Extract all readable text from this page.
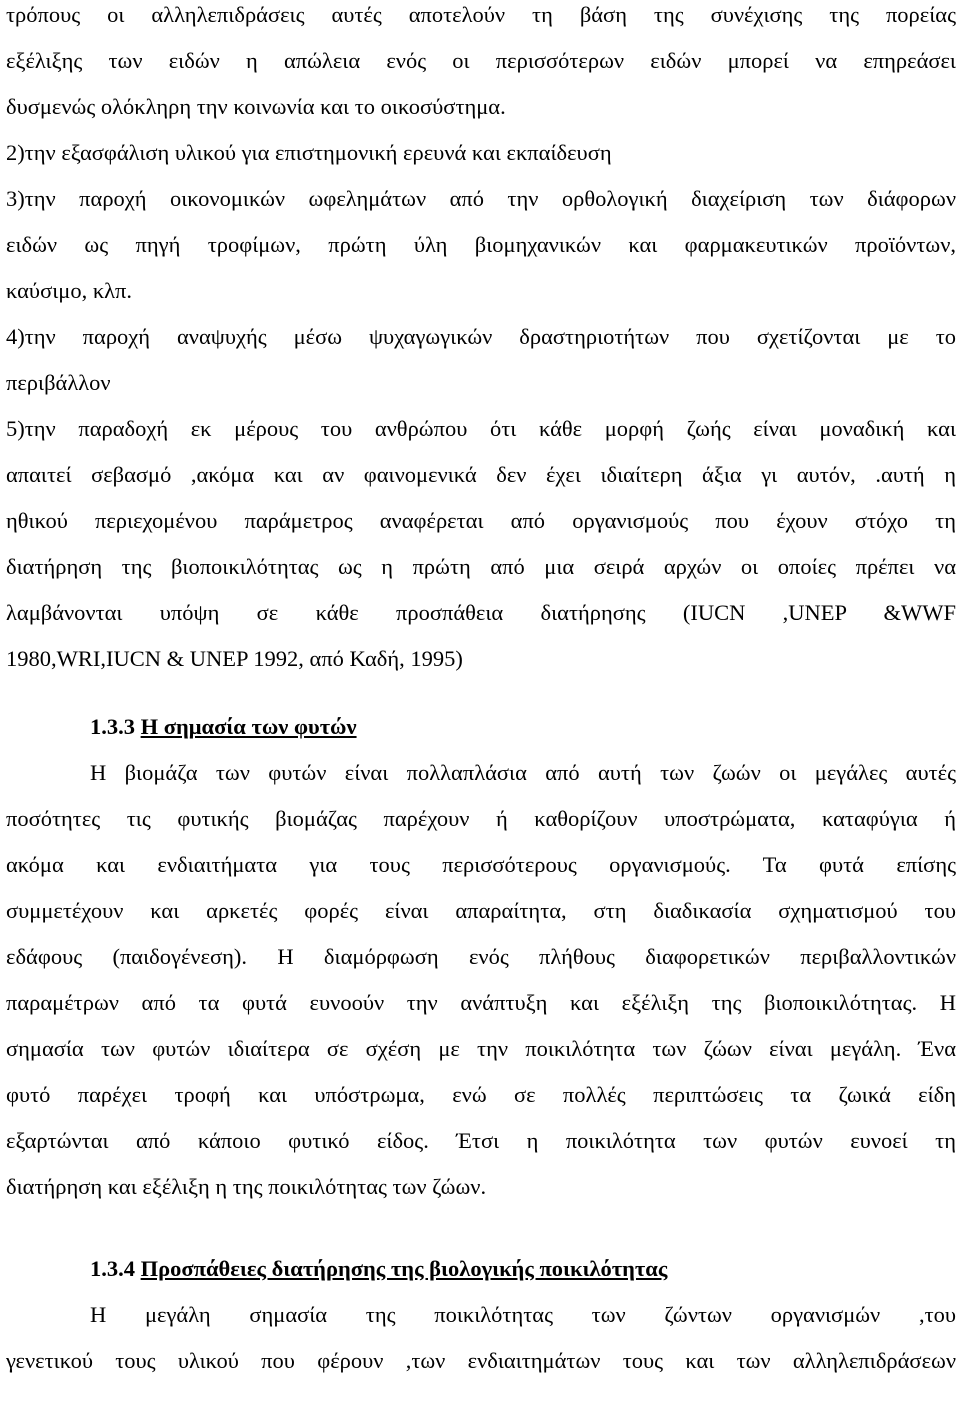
τρόπους οι αλληλεπιδράσεις αυτές αποτελούν τη βάση της συνέχισης της πορείας

εξέλιξης των ειδών η απώλεια ενός οι περισσότερων ειδών μπορεί να επηρεάσει

δυσμενώς ολόκληρη την κοινωνία και το οικοσύστημα.

2)την εξασφάλιση υλικού για επιστημονική ερευνά και εκπαίδευση

3)την παροχή οικονομικών ωφελημάτων από την ορθολογική διαχείριση των διάφορων

ειδών ως πηγή τροφίμων, πρώτη ύλη βιομηχανικών και φαρμακευτικών προϊόντων,

καύσιμο, κλπ.

4)την παροχή αναψυχής μέσω ψυχαγωγικών δραστηριοτήτων που σχετίζονται με το

περιβάλλον

5)την παραδοχή εκ μέρους του ανθρώπου ότι κάθε μορφή ζωής είναι μοναδική και

απαιτεί σεβασμό ,ακόμα και αν φαινομενικά δεν έχει ιδιαίτερη άξια γι αυτόν, .αυτή η

ηθικού περιεχομένου παράμετρος αναφέρεται από οργανισμούς που έχουν στόχο τη

διατήρηση της βιοποικιλότητας ως η πρώτη από μια σειρά αρχών οι οποίες πρέπει να

λαμβάνονται υπόψη σε κάθε προσπάθεια διατήρησης (IUCN ,UNEP &WWF

1980,WRI,IUCN & UNEP 1992, από Καδή, 1995)

1.3.3 Η σημασία των φυτών

Η βιομάζα των φυτών είναι πολλαπλάσια από αυτή των ζωών οι μεγάλες αυτές

ποσότητες τις φυτικής βιομάζας παρέχουν ή καθορίζουν υποστρώματα, καταφύγια ή

ακόμα και ενδιαιτήματα για τους περισσότερους οργανισμούς. Τα φυτά επίσης

συμμετέχουν και αρκετές φορές είναι απαραίτητα, στη διαδικασία σχηματισμού του

εδάφους (παιδογένεση). Η διαμόρφωση ενός πλήθους διαφορετικών περιβαλλοντικών

παραμέτρων από τα φυτά ευνοούν την ανάπτυξη και εξέλιξη της βιοποικιλότητας. Η

σημασία των φυτών ιδιαίτερα σε σχέση με την ποικιλότητα των ζώων είναι μεγάλη. Ένα

φυτό παρέχει τροφή και υπόστρωμα, ενώ σε πολλές περιπτώσεις τα ζωικά είδη

εξαρτώνται από κάποιο φυτικό είδος. Έτσι η ποικιλότητα των φυτών ευνοεί τη

διατήρηση και εξέλιξη η της ποικιλότητας των ζώων.

1.3.4 Προσπάθειες διατήρησης της βιολογικής ποικιλότητας

Η μεγάλη σημασία της ποικιλότητας των ζώντων οργανισμών ,του

γενετικού τους υλικού που φέρουν ,των ενδιαιτημάτων τους και των αλληλεπιδράσεων
